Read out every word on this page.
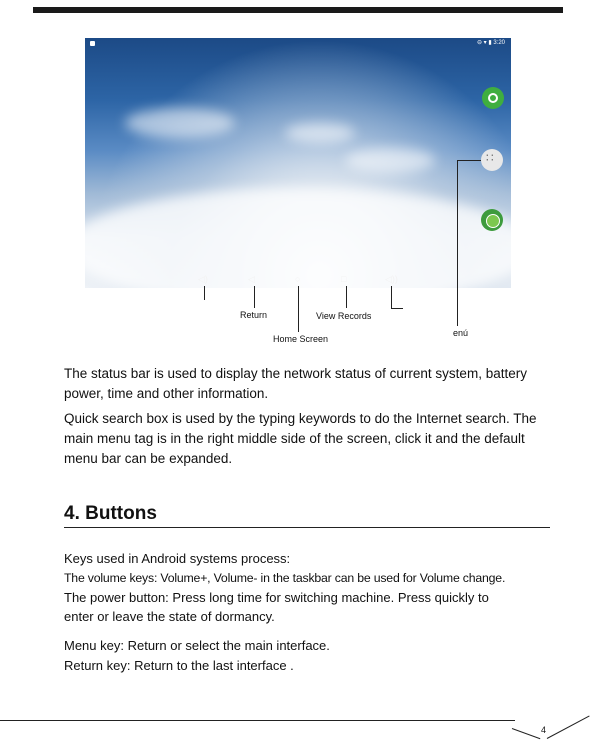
⊖ ▾ ▮ 3:20
∷
◁)	◁	○	□	◁))
Return
Home Screen
View Records
enú

The status bar is used to display the network status of current system, battery power, time and other information.

Quick search box is used by the typing keywords to do the Internet search. The main menu tag is in the right middle side of the screen, click it and the default menu bar can be expanded.

4. Buttons
Keys used in Android systems process:
The volume keys: Volume+, Volume- in the taskbar can be used for Volume change.
The power button: Press long time for switching machine. Press quickly to
enter or leave the state of dormancy.
Menu key: Return or select the main interface.
Return key: Return to the last interface .
4
